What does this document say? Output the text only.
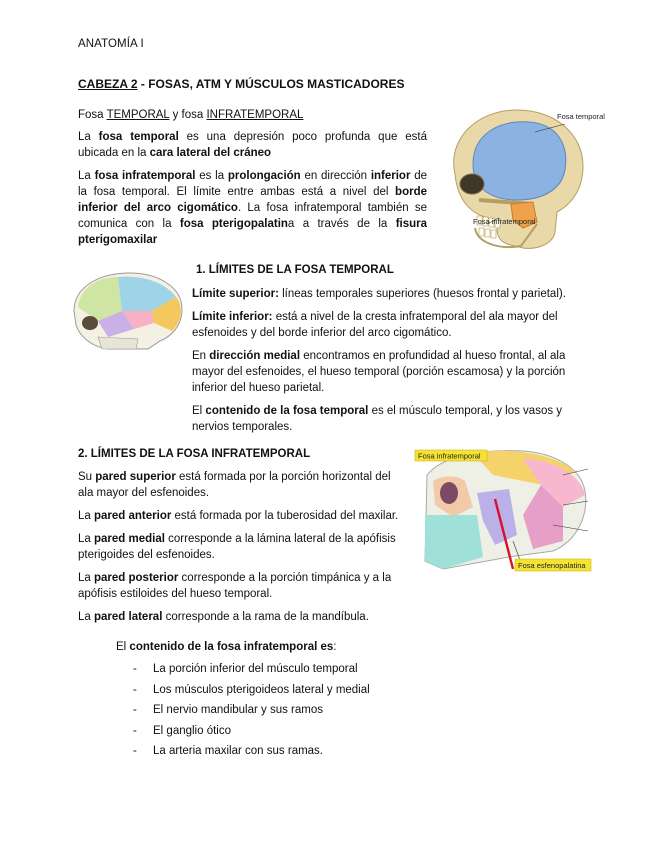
ANATOMÍA I
CABEZA 2 - FOSAS, ATM Y MÚSCULOS MASTICADORES
Fosa TEMPORAL y fosa INFRATEMPORAL

La fosa temporal es una depresión poco profunda que está ubicada en la cara lateral del cráneo

La fosa infratemporal es la prolongación en dirección inferior de la fosa temporal. El límite entre ambas está a nivel del borde inferior del arco cigomático. La fosa infratemporal también se comunica con la fosa pterigopalatina a través de la fisura pterigomaxilar

Fosa temporal
Fosa infratemporal
1. LÍMITES DE LA FOSA TEMPORAL

Límite superior: líneas temporales superiores (huesos frontal y parietal).

Límite inferior: está a nivel de la cresta infratemporal del ala mayor del esfenoides y del borde inferior del arco cigomático.

En dirección medial encontramos en profundidad al hueso frontal, al ala mayor del esfenoides, el hueso temporal (porción escamosa) y la porción inferior del hueso parietal.

El contenido de la fosa temporal es el músculo temporal, y los vasos y nervios temporales.

2. LÍMITES DE LA FOSA INFRATEMPORAL

Su pared superior está formada por la porción horizontal del ala mayor del esfenoides.

La pared anterior está formada por la tuberosidad del maxilar.

La pared medial corresponde a la lámina lateral de la apófisis pterigoides del esfenoides.

La pared posterior corresponde a la porción timpánica y a la apófisis estiloides del hueso temporal.

La pared lateral corresponde a la rama de la mandíbula.

Fosa infratemporal
Fosa esfenopalatina

El contenido de la fosa infratemporal es:

- La porción inferior del músculo temporal
- Los músculos pterigoideos lateral y medial
- El nervio mandibular y sus ramos
- El ganglio ótico
- La arteria maxilar con sus ramas.
